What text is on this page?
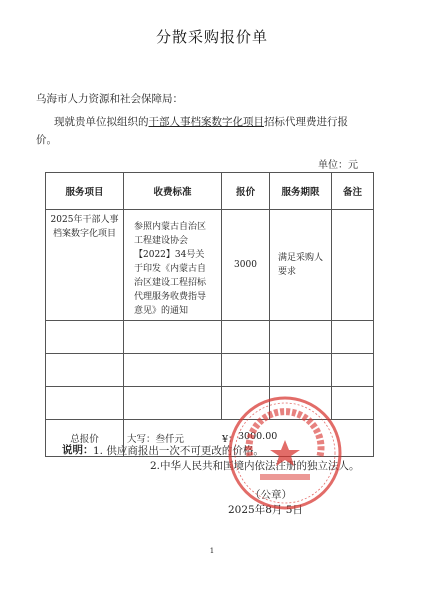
分散采购报价单
乌海市人力资源和社会保障局：
现就贵单位拟组织的干部人事档案数字化项目招标代理费进行报
价。
单位：元
服务项目	收费标准	报价	服务期限	备注
2025年干部人事档案数字化项目	参照内蒙古自治区工程建设协会【2022】34号关于印发《内蒙古自治区建设工程招标代理服务收费指导意见》的通知	3000	满足采购人要求	

总报价	大写：叁仟元 ¥： 3000.00			
说明： 1. 供应商报出一次不可更改的价格。
2.中华人民共和国境内依法注册的独立法人。
（公章）
2025年8月 5日
1
